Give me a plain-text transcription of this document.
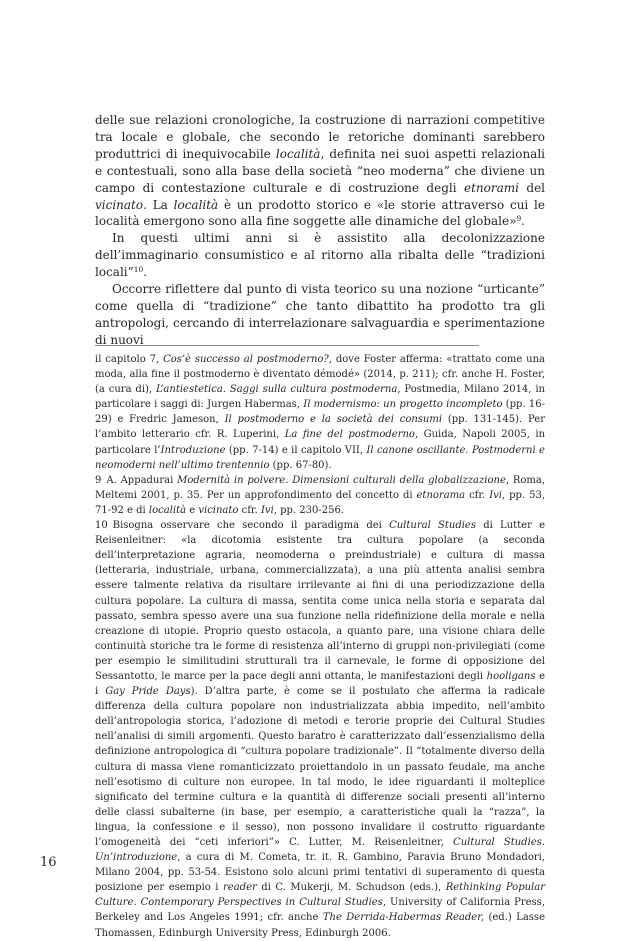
delle sue relazioni cronologiche, la costruzione di narrazioni competitive tra locale e globale, che secondo le retoriche dominanti sarebbero produttrici di inequivocabile località, definita nei suoi aspetti relazionali e contestuali, sono alla base della società “neo moderna” che diviene un campo di contestazione culturale e di costruzione degli etnorami del vicinato. La località è un prodotto storico e «le storie attraverso cui le località emergono sono alla fine soggette alle dinamiche del globale»$^9$.

In questi ultimi anni si è assistito alla decolonizzazione dell’immaginario consumistico e al ritorno alla ribalta delle “tradizioni locali”$^{10}$.

Occorre riflettere dal punto di vista teorico su una nozione “urticante” come quella di “tradizione” che tanto dibattito ha prodotto tra gli antropologi, cercando di interrelazionare salvaguardia e sperimentazione di nuovi

il capitolo 7, Cos’è successo al postmoderno?, dove Foster afferma: «trattato come una moda, alla fine il postmoderno è diventato démodé» (2014, p. 211); cfr. anche H. Foster, (a cura di), L’antiestetica. Saggi sulla cultura postmoderna, Postmedia, Milano 2014, in particolare i saggi di: Jurgen Habermas, Il modernismo: un progetto incompleto (pp. 16-29) e Fredric Jameson, Il postmoderno e la società dei consumi (pp. 131-145). Per l’ambito letterario cfr. R. Luperini, La fine del postmoderno, Guida, Napoli 2005, in particolare l’Introduzione (pp. 7-14) e il capitolo VII, Il canone oscillante. Postmoderni e neomoderni nell’ultimo trentennio (pp. 67-80).

9 A. Appadurai Modernità in polvere. Dimensioni culturali della globalizzazione, Roma, Meltemi 2001, p. 35. Per un approfondimento del concetto di etnorama cfr. Ivi, pp. 53, 71-92 e di località e vicinato cfr. Ivi, pp. 230-256.

10 Bisogna osservare che secondo il paradigma dei Cultural Studies di Lutter e Reisenleitner: «la dicotomia esistente tra cultura popolare (a seconda dell’interpretazione agraria, neomoderna o preindustriale) e cultura di massa (letteraria, industriale, urbana, commercializzata), a una più attenta analisi sembra essere talmente relativa da risultare irrilevante ai fini di una periodizzazione della cultura popolare. La cultura di massa, sentita come unica nella storia e separata dal passato, sembra spesso avere una sua funzione nella ridefinizione della morale e nella creazione di utopie. Proprio questo ostacola, a quanto pare, una visione chiara delle continuità storiche tra le forme di resistenza all’interno di gruppi non-privilegiati (come per esempio le similitudini strutturali tra il carnevale, le forme di opposizione del Sessantotto, le marce per la pace degli anni ottanta, le manifestazioni degli hooligans e i Gay Pride Days). D’altra parte, è come se il postulato che afferma la radicale differenza della cultura popolare non industrializzata abbia impedito, nell’ambito dell’antropologia storica, l’adozione di metodi e terorie proprie dei Cultural Studies nell’analisi di simili argomenti. Questo baratro è caratterizzato dall’essenzialismo della definizione antropologica di “cultura popolare tradizionale”. Il “totalmente diverso della cultura di massa viene romanticizzato proiettandolo in un passato feudale, ma anche nell’esotismo di culture non europee. In tal modo, le idee riguardanti il molteplice significato del termine cultura e la quantità di differenze sociali presenti all’interno delle classi subalterne (in base, per esempio, a caratteristiche quali la “razza”, la lingua, la confessione e il sesso), non possono invalidare il costrutto riguardante l’omogeneità dei “ceti inferiori”» C. Lutter, M. Reisenleitner, Cultural Studies. Un’introduzione, a cura di M. Cometa, tr. it. R. Gambino, Paravia Bruno Mondadori, Milano 2004, pp. 53-54. Esistono solo alcuni primi tentativi di superamento di questa posizione per esempio i reader di C. Mukerji, M. Schudson (eds.), Rethinking Popular Culture. Contemporary Perspectives in Cultural Studies, University of California Press, Berkeley and Los Angeles 1991; cfr. anche The Derrida-Habermas Reader, (ed.) Lasse Thomassen, Edinburgh University Press, Edinburgh 2006.

16
